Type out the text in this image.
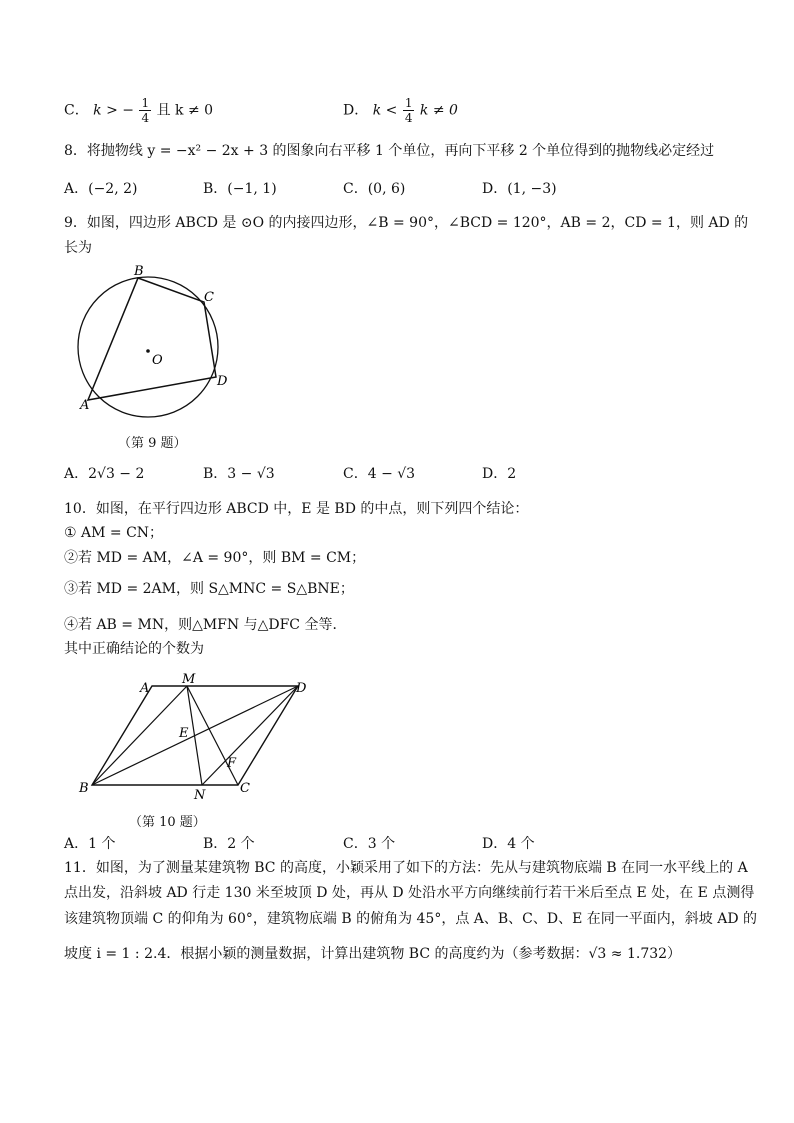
C． k > − $\frac{1}{4}$ 且 k ≠ 0	D． $k < \frac{1}{4}$ k ≠ 0
8．将抛物线 y = −x² − 2x + 3 的图象向右平移 1 个单位，再向下平移 2 个单位得到的抛物线必定经过
A．(−2, 2)	B．(−1, 1)	C．(0, 6)	D．(1, −3)
9．如图，四边形 ABCD 是 ⊙O 的内接四边形，∠B = 90°，∠BCD = 120°，AB = 2，CD = 1，则 AD 的
长为
B
C
D
A
O
（第 9 题）
A．2√3 − 2	B．3 − √3	C．4 − √3	D．2
10．如图，在平行四边形 ABCD 中，E 是 BD 的中点，则下列四个结论：
① AM = CN；
②若 MD = AM，∠A = 90°，则 BM = CM；
③若 MD = 2AM，则 S△MNC = S△BNE；
④若 AB = MN，则△MFN 与△DFC 全等．
其中正确结论的个数为
A
M
D
E
F
B	N	C
（第 10 题）
A．1 个	B．2 个	C．3 个	D．4 个
11．如图，为了测量某建筑物 BC 的高度，小颖采用了如下的方法：先从与建筑物底端 B 在同一水平线上的 A
点出发，沿斜坡 AD 行走 130 米至坡顶 D 处，再从 D 处沿水平方向继续前行若干米后至点 E 处，在 E 点测得
该建筑物顶端 C 的仰角为 60°，建筑物底端 B 的俯角为 45°，点 A、B、C、D、E 在同一平面内，斜坡 AD 的
坡度 i = 1 : 2.4．根据小颖的测量数据，计算出建筑物 BC 的高度约为（参考数据：√3 ≈ 1.732）
